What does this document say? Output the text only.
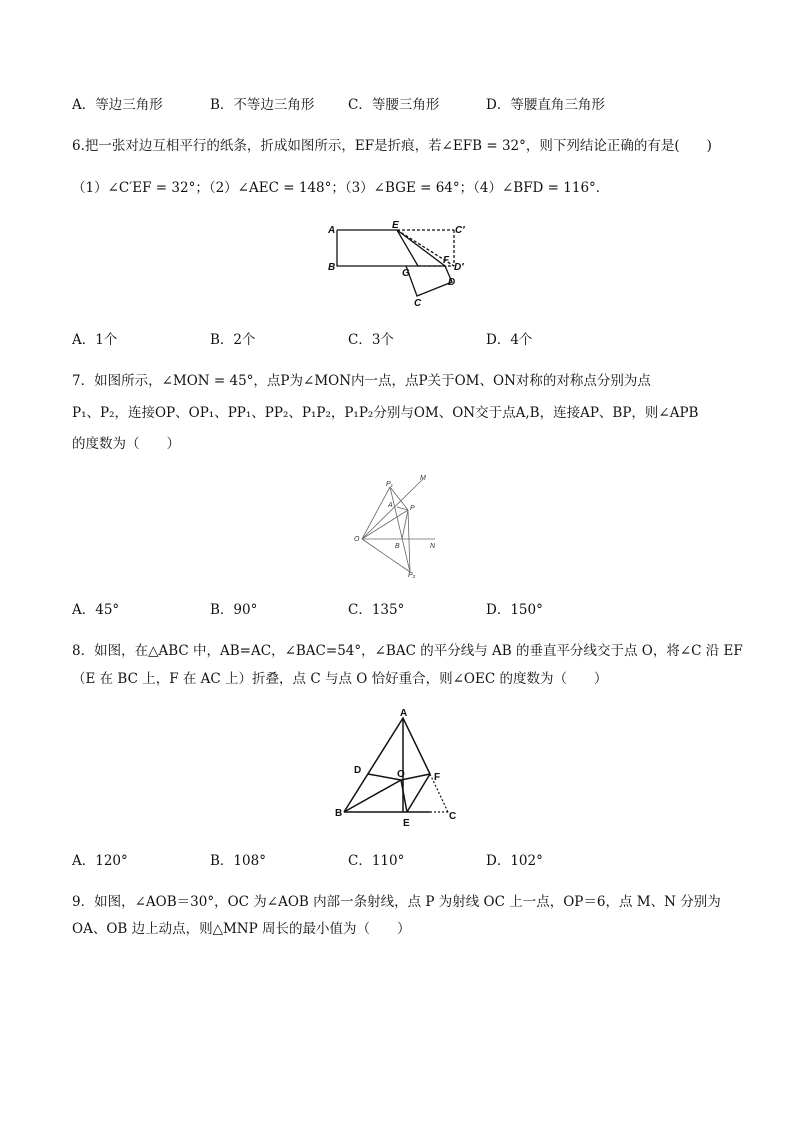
A．等边三角形	B．不等边三角形 C．等腰三角形	D．等腰直角三角形
6.把一张对边互相平行的纸条，折成如图所示，EF是折痕，若∠EFB = 32°，则下列结论正确的有是(　　)
（1）∠C′EF = 32°；（2）∠AEC = 148°；（3）∠BGE = 64°；（4）∠BFD = 116°．
A
B
E	C′
F
D′
G
D
C
A．1个	B．2个	C．3个	D．4个
7．如图所示，∠MON = 45°，点P为∠MON内一点，点P关于OM、ON对称的对称点分别为点
P₁、P₂，连接OP、OP₁、PP₁、PP₂、P₁P₂，P₁P₂分别与OM、ON交于点A,B，连接AP、BP，则∠APB
的度数为（　　）
M
P₁
A P
O
B	N
P₂
A．45°	B．90°	C．135°	D．150°
8．如图，在△ABC 中，AB=AC，∠BAC=54°，∠BAC 的平分线与 AB 的垂直平分线交于点 O，将∠C 沿 EF
（E 在 BC 上，F 在 AC 上）折叠，点 C 与点 O 恰好重合，则∠OEC 的度数为（　　）
A
D	O	F
B
E
C
A．120°	B．108°	C．110°	D．102°
9．如图，∠AOB＝30°，OC 为∠AOB 内部一条射线，点 P 为射线 OC 上一点，OP＝6，点 M、N 分别为
OA、OB 边上动点，则△MNP 周长的最小值为（　　）
